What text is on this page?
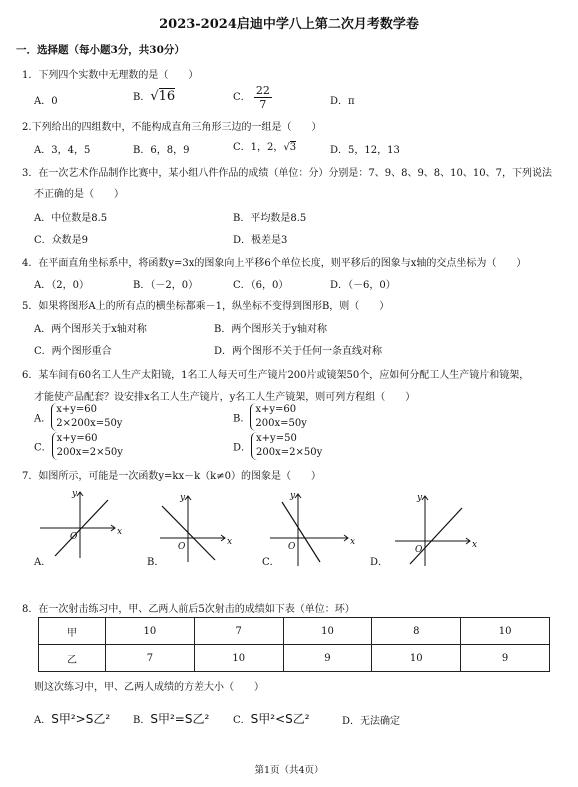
2023-2024启迪中学八上第二次月考数学卷
一．选择题（每小题3分，共30分）
1．下列四个实数中无理数的是（　　）
A．0	B．√16	C． $\frac{22}{7}$	D．π
2.下列给出的四组数中，不能构成直角三角形三边的一组是（　　）
A．3，4，5	B．6，8，9	C．1，2，√3	D．5，12，13
3．在一次艺术作品制作比赛中，某小组八件作品的成绩（单位：分）分别是：7、9、8、9、8、10、10、7，下列说法
不正确的是（　　）
A．中位数是8.5	B．平均数是8.5
C．众数是9	D．极差是3
4．在平面直角坐标系中，将函数y=3x的图象向上平移6个单位长度，则平移后的图象与x轴的交点坐标为（　　）
A．（2，0）	B．（－2，0）	C．（6，0）	D．（－6，0）
5．如果将图形A上的所有点的横坐标都乘－1，纵坐标不变得到图形B，则（　　）
A．两个图形关于x轴对称	B．两个图形关于y轴对称
C．两个图形重合	D．两个图形不关于任何一条直线对称
6．某车间有60名工人生产太阳镜，1名工人每天可生产镜片200片或镜架50个，应如何分配工人生产镜片和镜架，
才能使产品配套？设安排x名工人生产镜片，y名工人生产镜架，则可列方程组（　　）
A．
x+y=60
2×200x=50y	B．
x+y=60
200x=50y
C．
x+y=60
200x=2×50y	D．
x+y=50
200x=2×50y
7．如图所示，可能是一次函数y=kx－k（k≠0）的图象是（　　）
x
y
O	x
y
O	x
y
O	x
y
O
A．	B．	C．	D．
8．在一次射击练习中，甲、乙两人前后5次射击的成绩如下表（单位：环）
甲	10	7	10	8	10
乙	7	10	9	10	9
则这次练习中，甲、乙两人成绩的方差大小（　　）
A．S甲²>S乙² B．S甲²=S乙² C．S甲²<S乙²	D．无法确定
第1页（共4页）
